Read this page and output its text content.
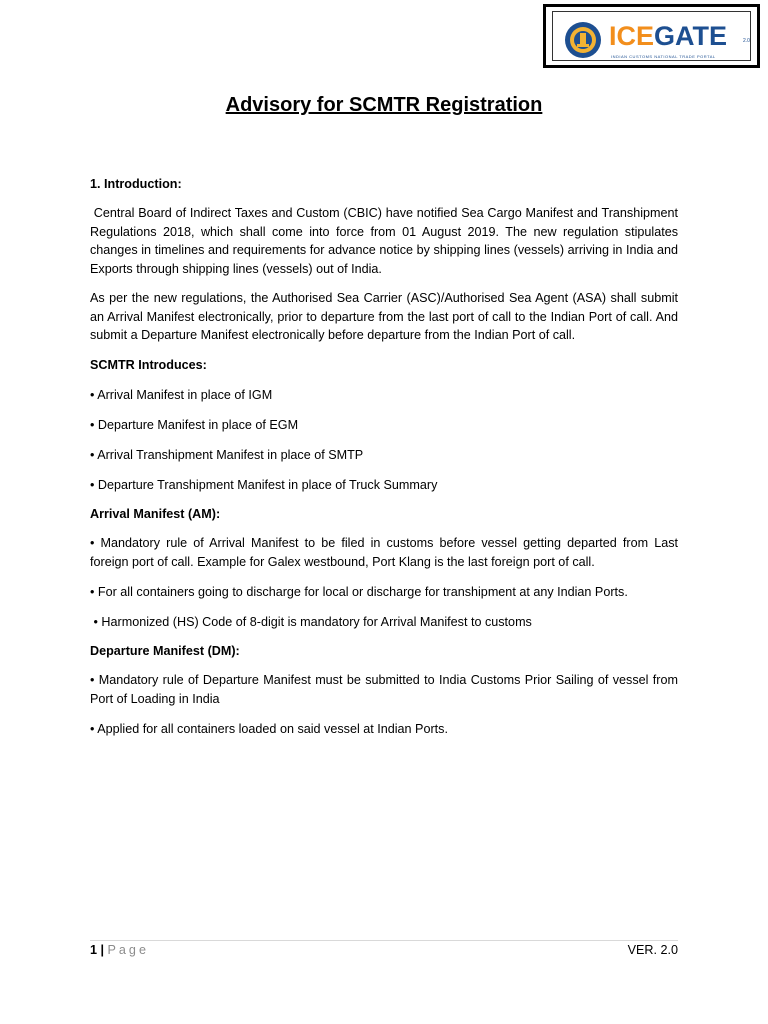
ICEGATE	2.0
INDIAN CUSTOMS NATIONAL TRADE PORTAL
Advisory for SCMTR Registration

1. Introduction:

Central Board of Indirect Taxes and Custom (CBIC) have notified Sea Cargo Manifest and Transhipment Regulations 2018, which shall come into force from 01 August 2019. The new regulation stipulates changes in timelines and requirements for advance notice by shipping lines (vessels) arriving in India and Exports through shipping lines (vessels) out of India.

As per the new regulations, the Authorised Sea Carrier (ASC)/Authorised Sea Agent (ASA) shall submit an Arrival Manifest electronically, prior to departure from the last port of call to the Indian Port of call. And submit a Departure Manifest electronically before departure from the Indian Port of call.

SCMTR Introduces:

• Arrival Manifest in place of IGM

• Departure Manifest in place of EGM

• Arrival Transhipment Manifest in place of SMTP

• Departure Transhipment Manifest in place of Truck Summary

Arrival Manifest (AM):

• Mandatory rule of Arrival Manifest to be filed in customs before vessel getting departed from Last foreign port of call. Example for Galex westbound, Port Klang is the last foreign port of call.

• For all containers going to discharge for local or discharge for transhipment at any Indian Ports.

• Harmonized (HS) Code of 8-digit is mandatory for Arrival Manifest to customs

Departure Manifest (DM):

• Mandatory rule of Departure Manifest must be submitted to India Customs Prior Sailing of vessel from Port of Loading in India

• Applied for all containers loaded on said vessel at Indian Ports.

1 | Page	VER. 2.0
